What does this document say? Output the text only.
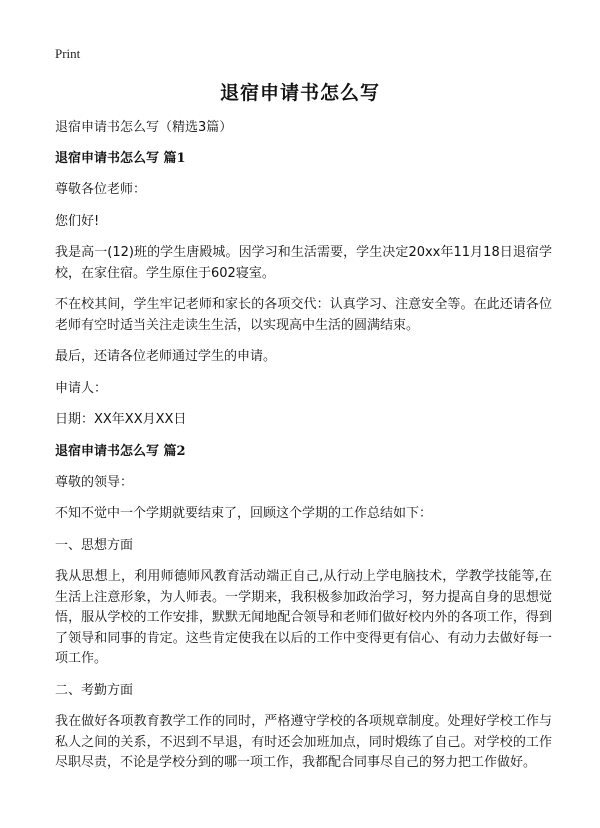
Print
退宿申请书怎么写

退宿申请书怎么写（精选3篇）

退宿申请书怎么写 篇1

尊敬各位老师：

您们好!

我是高一(12)班的学生唐殿城。因学习和生活需要，学生决定20xx年11月18日退宿学校，在家住宿。学生原住于602寝室。

不在校其间，学生牢记老师和家长的各项交代：认真学习、注意安全等。在此还请各位老师有空时适当关注走读生生活，以实现高中生活的圆满结束。

最后，还请各位老师通过学生的申请。

申请人：

日期：XX年XX月XX日

退宿申请书怎么写 篇2

尊敬的领导：

不知不觉中一个学期就要结束了，回顾这个学期的工作总结如下：

一、思想方面

我从思想上，利用师德师风教育活动端正自己,从行动上学电脑技术，学教学技能等,在生活上注意形象，为人师表。一学期来，我积极参加政治学习，努力提高自身的思想觉悟，服从学校的工作安排，默默无闻地配合领导和老师们做好校内外的各项工作，得到了领导和同事的肯定。这些肯定使我在以后的工作中变得更有信心、有动力去做好每一项工作。

二、考勤方面

我在做好各项教育教学工作的同时，严格遵守学校的各项规章制度。处理好学校工作与私人之间的关系，不迟到不早退，有时还会加班加点，同时煅练了自己。对学校的工作尽职尽责，不论是学校分到的哪一项工作，我都配合同事尽自己的努力把工作做好。
